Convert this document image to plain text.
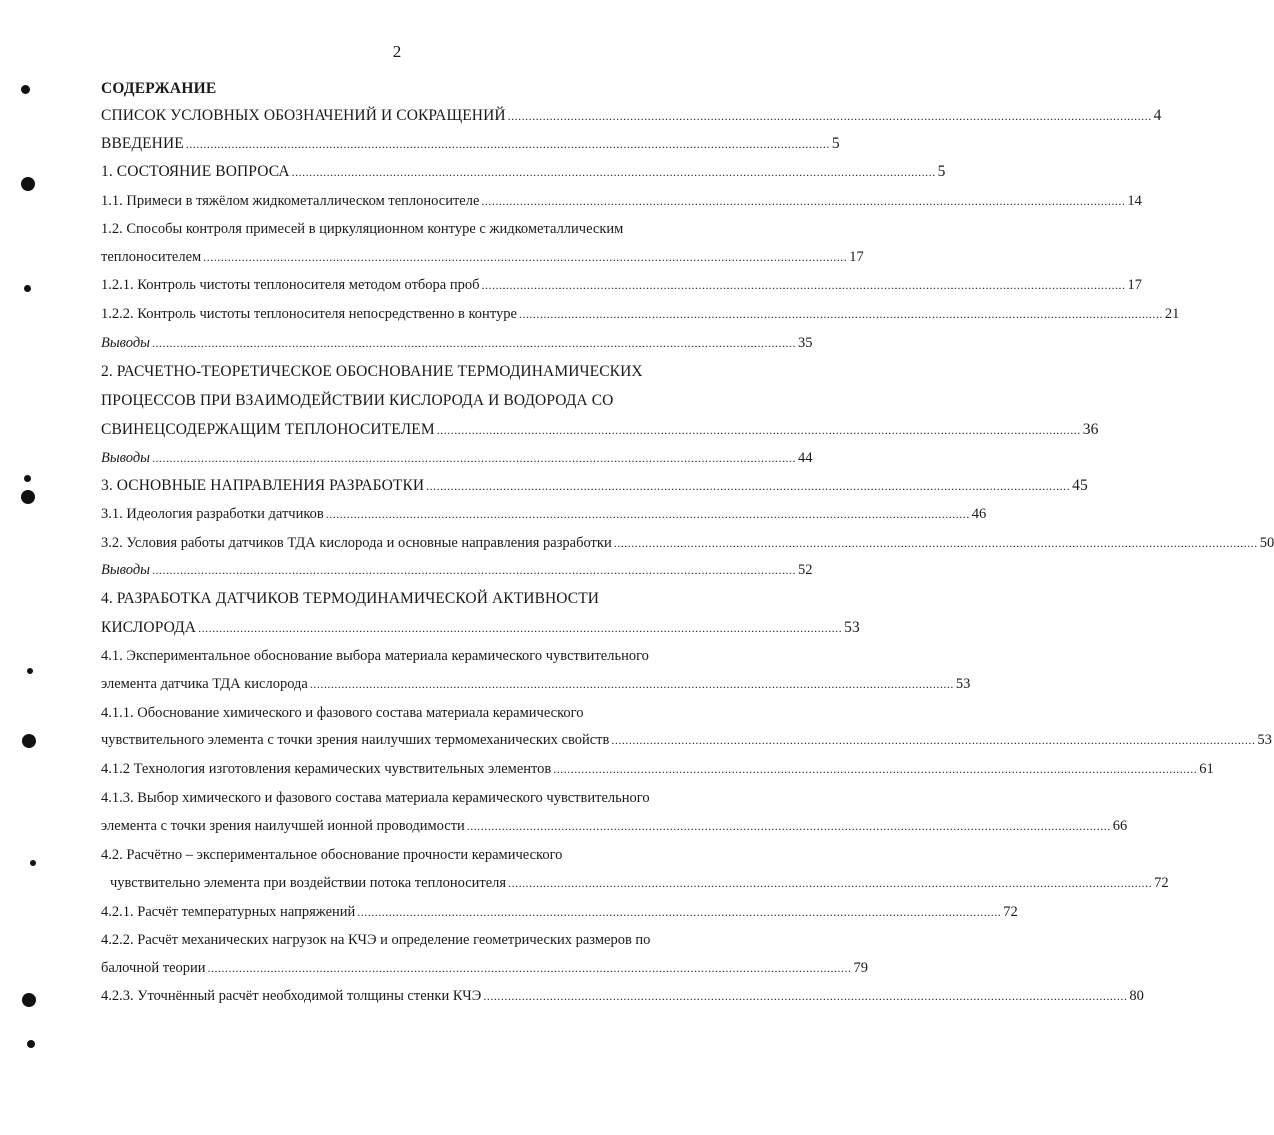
2
СОДЕРЖАНИЕ
СПИСОК УСЛОВНЫХ ОБОЗНАЧЕНИЙ И СОКРАЩЕНИЙ ........................................................................................................................................................................................ 4
ВВЕДЕНИЕ ........................................................................................................................................................................................ 5
1. СОСТОЯНИЕ ВОПРОСА ........................................................................................................................................................................................ 5
1.1. Примеси в тяжёлом жидкометаллическом теплоносителе ........................................................................................................................................................................................ 14
1.2. Способы контроля примесей в циркуляционном контуре с жидкометаллическим
теплоносителем ........................................................................................................................................................................................ 17
1.2.1. Контроль чистоты теплоносителя методом отбора проб ........................................................................................................................................................................................ 17
1.2.2. Контроль чистоты теплоносителя непосредственно в контуре ........................................................................................................................................................................................ 21
Выводы ........................................................................................................................................................................................ 35
2. РАСЧЕТНО-ТЕОРЕТИЧЕСКОЕ ОБОСНОВАНИЕ ТЕРМОДИНАМИЧЕСКИХ
ПРОЦЕССОВ ПРИ ВЗАИМОДЕЙСТВИИ КИСЛОРОДА И ВОДОРОДА СО
СВИНЕЦСОДЕРЖАЩИМ ТЕПЛОНОСИТЕЛЕМ ........................................................................................................................................................................................ 36
Выводы ........................................................................................................................................................................................ 44
3. ОСНОВНЫЕ НАПРАВЛЕНИЯ РАЗРАБОТКИ ........................................................................................................................................................................................ 45
3.1. Идеология разработки датчиков ........................................................................................................................................................................................ 46
3.2. Условия работы датчиков ТДА кислорода и основные направления разработки ........................................................................................................................................................................................ 50
Выводы ........................................................................................................................................................................................ 52
4. РАЗРАБОТКА ДАТЧИКОВ ТЕРМОДИНАМИЧЕСКОЙ АКТИВНОСТИ
КИСЛОРОДА ........................................................................................................................................................................................ 53
4.1. Экспериментальное обоснование выбора материала керамического чувствительного
элемента датчика ТДА кислорода ........................................................................................................................................................................................ 53
4.1.1. Обоснование химического и фазового состава материала керамического
чувствительного элемента с точки зрения наилучших термомеханических свойств ........................................................................................................................................................................................ 53
4.1.2 Технология изготовления керамических чувствительных элементов ........................................................................................................................................................................................ 61
4.1.3. Выбор химического и фазового состава материала керамического чувствительного
элемента с точки зрения наилучшей ионной проводимости ........................................................................................................................................................................................ 66
4.2. Расчётно – экспериментальное обоснование прочности керамического
чувствительно элемента при воздействии потока теплоносителя ........................................................................................................................................................................................ 72
4.2.1. Расчёт температурных напряжений ........................................................................................................................................................................................ 72
4.2.2. Расчёт механических нагрузок на КЧЭ и определение геометрических размеров по
балочной теории ........................................................................................................................................................................................ 79
4.2.3. Уточнённый расчёт необходимой толщины стенки КЧЭ ........................................................................................................................................................................................ 80
